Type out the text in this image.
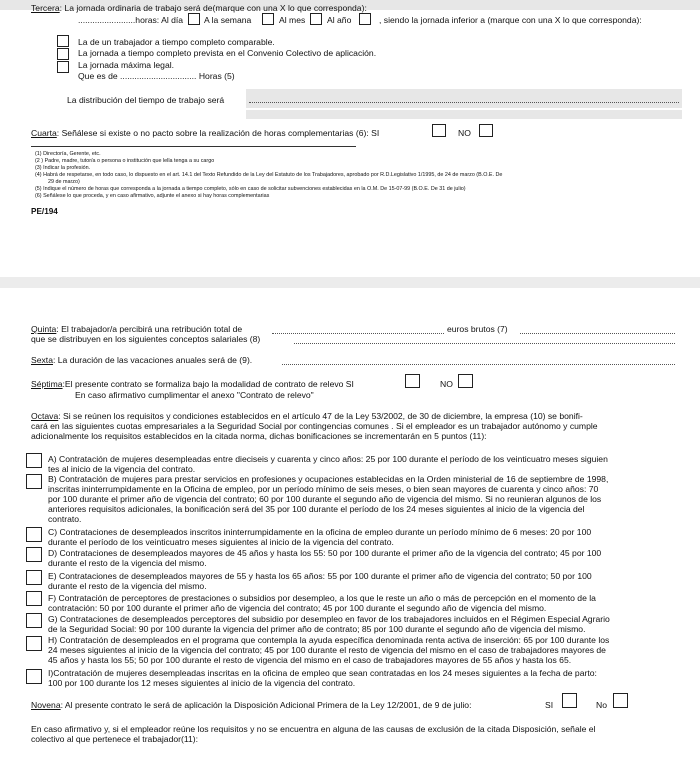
Tercera: La jornada ordinaria de trabajo será de(marque con una X lo que corresponda):
........................horas: Al día A la semana	Al mes	Al año	, siendo la jornada inferior a (marque con una X lo que corresponda):
La de un trabajador a tiempo completo comparable.
La jornada a tiempo completo prevista en el Convenio Colectivo de aplicación.
La jornada máxima legal.
Que es de ................................ Horas (5)
La distribución del tiempo de trabajo será
Cuarta: Señálese si existe o no pacto sobre la realización de horas complementarias (6): SI	NO
(1) Directoría, Gerente, etc.
(2 ) Padre, madre, tutor/a o persona o institución que lella tenga a su cargo
(3) Indicar la profesión.
(4) Habrá de respetarse, en todo caso, lo dispuesto en el art. 14.1 del Texto Refundido de la Ley del Estatuto de los Trabajadores, aprobado por R.D.Legislativo 1/1995, de 24 de marzo (B.O.E. De
29 de marzo)
(5) Indique el número de horas que corresponda a la jornada a tiempo completo, sólo en caso de solicitar subvenciones establecidas en la O.M. De 15-07-99 (B.O.E. De 31 de julio)
(6) Señálese lo que proceda, y en caso afirmativo, adjunte el anexo si hay horas complementarias
PE/194
Quinta: El trabajador/a percibirá una retribución total de	euros brutos (7)
que se distribuyen en los siguientes conceptos salariales (8)
Sexta: La duración de las vacaciones anuales será de (9).
Séptima:El presente contrato se formaliza bajo la modalidad de contrato de relevo SI	NO
En caso afirmativo cumplimentar el anexo "Contrato de relevo"
Octava: Si se reúnen los requisitos y condiciones establecidos en el artículo 47 de la Ley 53/2002, de 30 de diciembre, la empresa (10) se bonifi-
cará en las siguientes cuotas empresariales a la Seguridad Social por contingencias comunes . Si el empleador es un trabajador autónomo y cumple
adicionalmente los requisitos establecidos en la citada norma, dichas bonificaciones se incrementarán en 5 puntos (11):
A) Contratación de mujeres desempleadas entre dieciseis y cuarenta y cinco años: 25 por 100 durante el período de los veinticuatro meses siguien
tes al inicio de la vigencia del contrato.
B) Contratación de mujeres para prestar servicios en profesiones y ocupaciones establecidas en la Orden ministerial de 16 de septiembre de 1998,
inscritas ininterrumpidamente en la Oficina de empleo, por un período mínimo de seis meses, o bien sean mayores de cuarenta y cinco años: 70
por 100 durante el primer año de vigencia del contrato; 60 por 100 durante el segundo año de vigencia del mismo. Si no reunieran algunos de los
anteriores requisitos adicionales, la bonificación será del 35 por 100 durante el período de los 24 meses siguientes al inicio de la vigencia del
contrato.
C) Contrataciones de desempleados inscritos ininterrumpidamente en la oficina de empleo durante un período mínimo de 6 meses: 20 por 100
durante el período de los veinticuatro meses siguientes al inicio de la vigencia del contrato.
D) Contrataciones de desempleados mayores de 45 años y hasta los 55: 50 por 100 durante el primer año de la vigencia del contrato; 45 por 100
durante el resto de la vigencia del mismo.
E) Contrataciones de desempleados mayores de 55 y hasta los 65 años: 55 por 100 durante el primer año de vigencia del contrato; 50 por 100
durante el resto de la vigencia del mismo.
F) Contratación de perceptores de prestaciones o subsidios por desempleo, a los que le reste un año o más de percepción en el momento de la
contratación: 50 por 100 durante el primer año de vigencia del contrato; 45 por 100 durante el segundo año de vigencia del mismo.
G) Contrataciones de desempleados perceptores del subsidio por desempleo en favor de los trabajadores incluidos en el Régimen Especial Agrario
de la Seguridad Social: 90 por 100 durante la vigencia del primer año de contrato; 85 por 100 durante el segundo año de vigencia del mismo.
H) Contratación de desempleados en el programa que contempla la ayuda específica denominada renta activa de inserción: 65 por 100 durante los
24 meses siguientes al inicio de la vigencia del contrato; 45 por 100 durante el resto de vigencia del mismo en el caso de trabajadores mayores de
45 años y hasta los 55; 50 por 100 durante el resto de vigencia del mismo en el caso de trabajadores mayores de 55 años y hasta los 65.
I)Contratación de mujeres desempleadas inscritas en la oficina de empleo que sean contratadas en los 24 meses siguientes a la fecha de parto:
100 por 100 durante los 12 meses siguientes al inicio de la vigencia del contrato.
Novena: Al presente contrato le será de aplicación la Disposición Adicional Primera de la Ley 12/2001, de 9 de julio:	SI	No
En caso afirmativo y, si el empleador reúne los requisitos y no se encuentra en alguna de las causas de exclusión de la citada Disposición, señale el
colectivo al que pertenece el trabajador(11):
